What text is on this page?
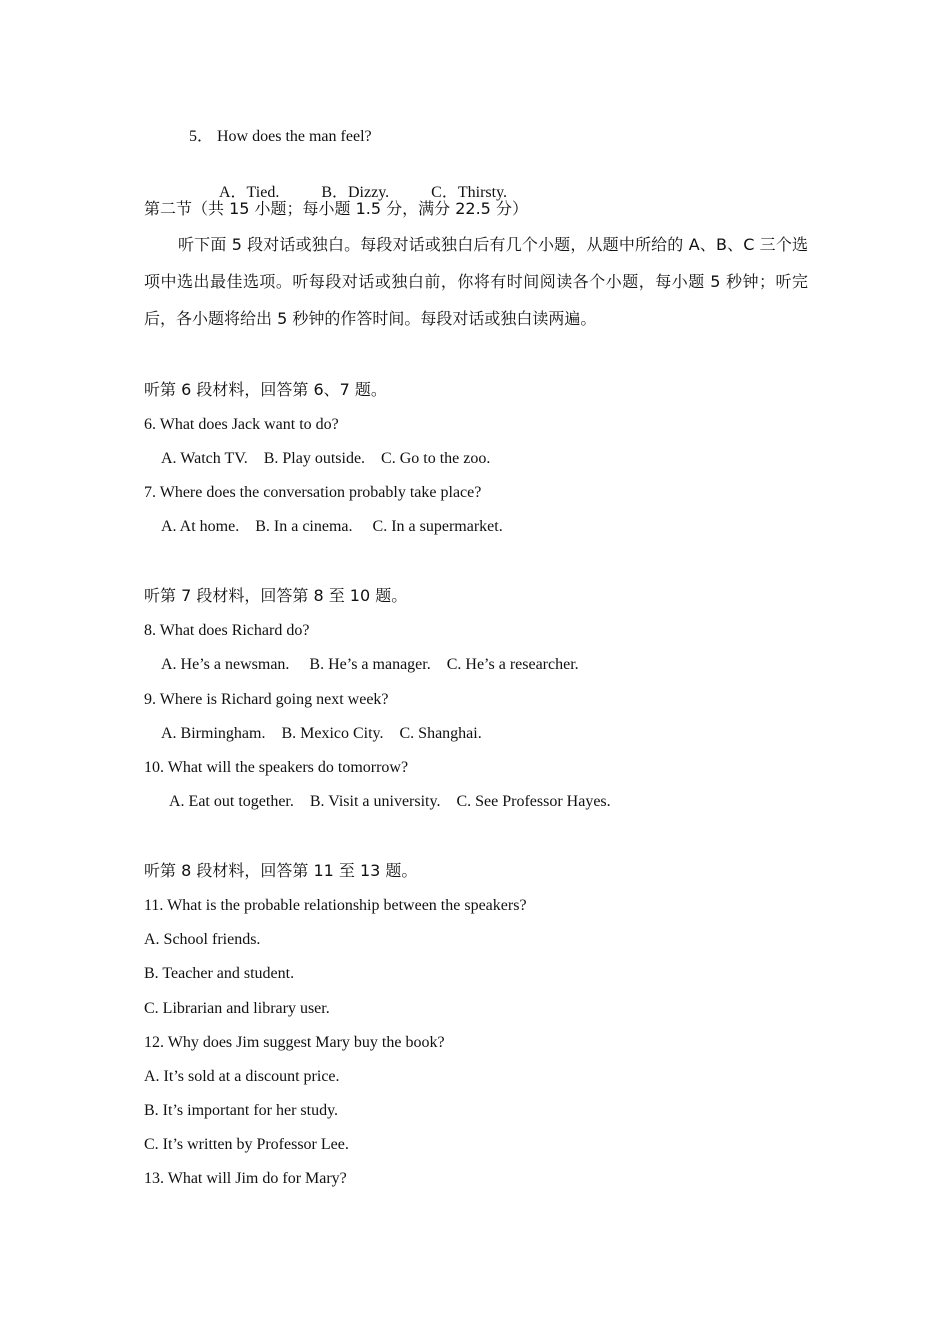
5． How does the man feel?

A．Tied.	B．Dizzy.	C．Thirsty.

第二节（共 15 小题；每小题 1.5 分，满分 22.5 分）

听下面 5 段对话或独白。每段对话或独白后有几个小题，从题中所给的 A、B、C 三个选项中选出最佳选项。听每段对话或独白前，你将有时间阅读各个小题，每小题 5 秒钟；听完后，各小题将给出 5 秒钟的作答时间。每段对话或独白读两遍。

听第 6 段材料，回答第 6、7 题。

6. What does Jack want to do?

A. Watch TV.    B. Play outside.    C. Go to the zoo.

7. Where does the conversation probably take place?

A. At home.    B. In a cinema.     C. In a supermarket.

听第 7 段材料，回答第 8 至 10 题。

8. What does Richard do?

A. He’s a newsman.     B. He’s a manager.    C. He’s a researcher.

9. Where is Richard going next week?

A. Birmingham.    B. Mexico City.    C. Shanghai.

10. What will the speakers do tomorrow?

A. Eat out together.    B. Visit a university.    C. See Professor Hayes.

听第 8 段材料，回答第 11 至 13 题。

11. What is the probable relationship between the speakers?

A. School friends.

B. Teacher and student.

C. Librarian and library user.

12. Why does Jim suggest Mary buy the book?

A. It’s sold at a discount price.

B. It’s important for her study.

C. It’s written by Professor Lee.

13. What will Jim do for Mary?
